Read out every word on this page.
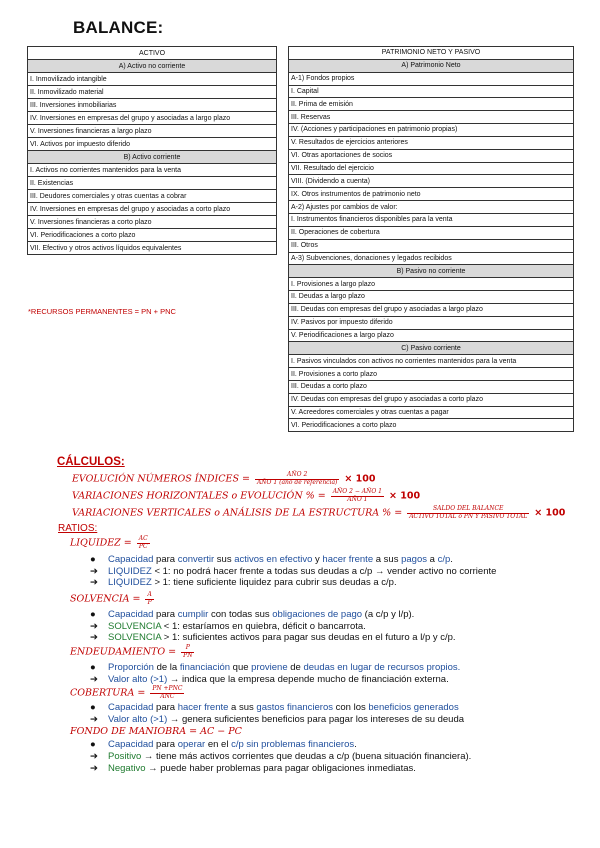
BALANCE:
ACTIVO
A) Activo no corriente
I. Inmovilizado intangible
II. Inmovilizado material
III. Inversiones inmobiliarias
IV. Inversiones en empresas del grupo y asociadas a largo plazo
V. Inversiones financieras a largo plazo
VI. Activos por impuesto diferido
B) Activo corriente
I. Activos no corrientes mantenidos para la venta
II. Existencias
III. Deudores comerciales y otras cuentas a cobrar
IV. Inversiones en empresas del grupo y asociadas a corto plazo
V. Inversiones financieras a corto plazo
VI. Periodificaciones a corto plazo
VII. Efectivo y otros activos líquidos equivalentes
PATRIMONIO NETO Y PASIVO
A) Patrimonio Neto
A-1) Fondos propios
I. Capital
II. Prima de emisión
III. Reservas
IV. (Acciones y participaciones en patrimonio propias)
V. Resultados de ejercicios anteriores
VI. Otras aportaciones de socios
VII. Resultado del ejercicio
VIII. (Dividendo a cuenta)
IX. Otros instrumentos de patrimonio neto
A-2) Ajustes por cambios de valor:
I. Instrumentos financieros disponibles para la venta
II. Operaciones de cobertura
III. Otros
A-3) Subvenciones, donaciones y legados recibidos
B) Pasivo no corriente
I. Provisiones a largo plazo
II. Deudas a largo plazo
III. Deudas con empresas del grupo y asociadas a largo plazo
IV. Pasivos por impuesto diferido
V. Periodificaciones a largo plazo
C) Pasivo corriente
I. Pasivos vinculados con activos no corrientes mantenidos para la venta
II. Provisiones a corto plazo
III. Deudas a corto plazo
IV. Deudas con empresas del grupo y asociadas a corto plazo
V. Acreedores comerciales y otras cuentas a pagar
VI. Periodificaciones a corto plazo
*RECURSOS PERMANENTES = PN + PNC
CÁLCULOS:
EVOLUCIÓN NÚMEROS ÍNDICES = $\frac{\text{AÑO 2}}{\text{AÑO 1 (año de referencia)}} \times 100$
VARIACIONES HORIZONTALES o EVOLUCIÓN % = $\frac{\text{AÑO 2 − AÑO 1}}{\text{AÑO 1}} \times 100$
VARIACIONES VERTICALES o ANÁLISIS DE LA ESTRUCTURA % = $\frac{\text{SALDO DEL BALANCE}}{\text{ACTIVO TOTAL o PN Y PASIVO TOTAL}} \times 100$
RATIOS:
LIQUIDEZ = $\frac{AC}{PC}$
● Capacidad para convertir sus activos en efectivo y hacer frente a sus pagos a c/p.
➔ LIQUIDEZ < 1: no podrá hacer frente a todas sus deudas a c/p → vender activo no corriente
➔ LIQUIDEZ > 1: tiene suficiente liquidez para cubrir sus deudas a c/p.
SOLVENCIA = $\frac{A}{P}$
● Capacidad para cumplir con todas sus obligaciones de pago (a c/p y l/p).
➔ SOLVENCIA < 1: estaríamos en quiebra, déficit o bancarrota.
➔ SOLVENCIA > 1: suficientes activos para pagar sus deudas en el futuro a l/p y c/p.
ENDEUDAMIENTO = $\frac{P}{PN}$
● Proporción de la financiación que proviene de deudas en lugar de recursos propios.
➔ Valor alto (>1) → indica que la empresa depende mucho de financiación externa.
COBERTURA = $\frac{\text{PN +PNC}}{\text{ANC}}$
● Capacidad para hacer frente a sus gastos financieros con los beneficios generados
➔ Valor alto (>1) → genera suficientes beneficios para pagar los intereses de su deuda
FONDO DE MANIOBRA = AC − PC
● Capacidad para operar en el c/p sin problemas financieros.
➔ Positivo → tiene más activos corrientes que deudas a c/p (buena situación financiera).
➔ Negativo → puede haber problemas para pagar obligaciones inmediatas.
